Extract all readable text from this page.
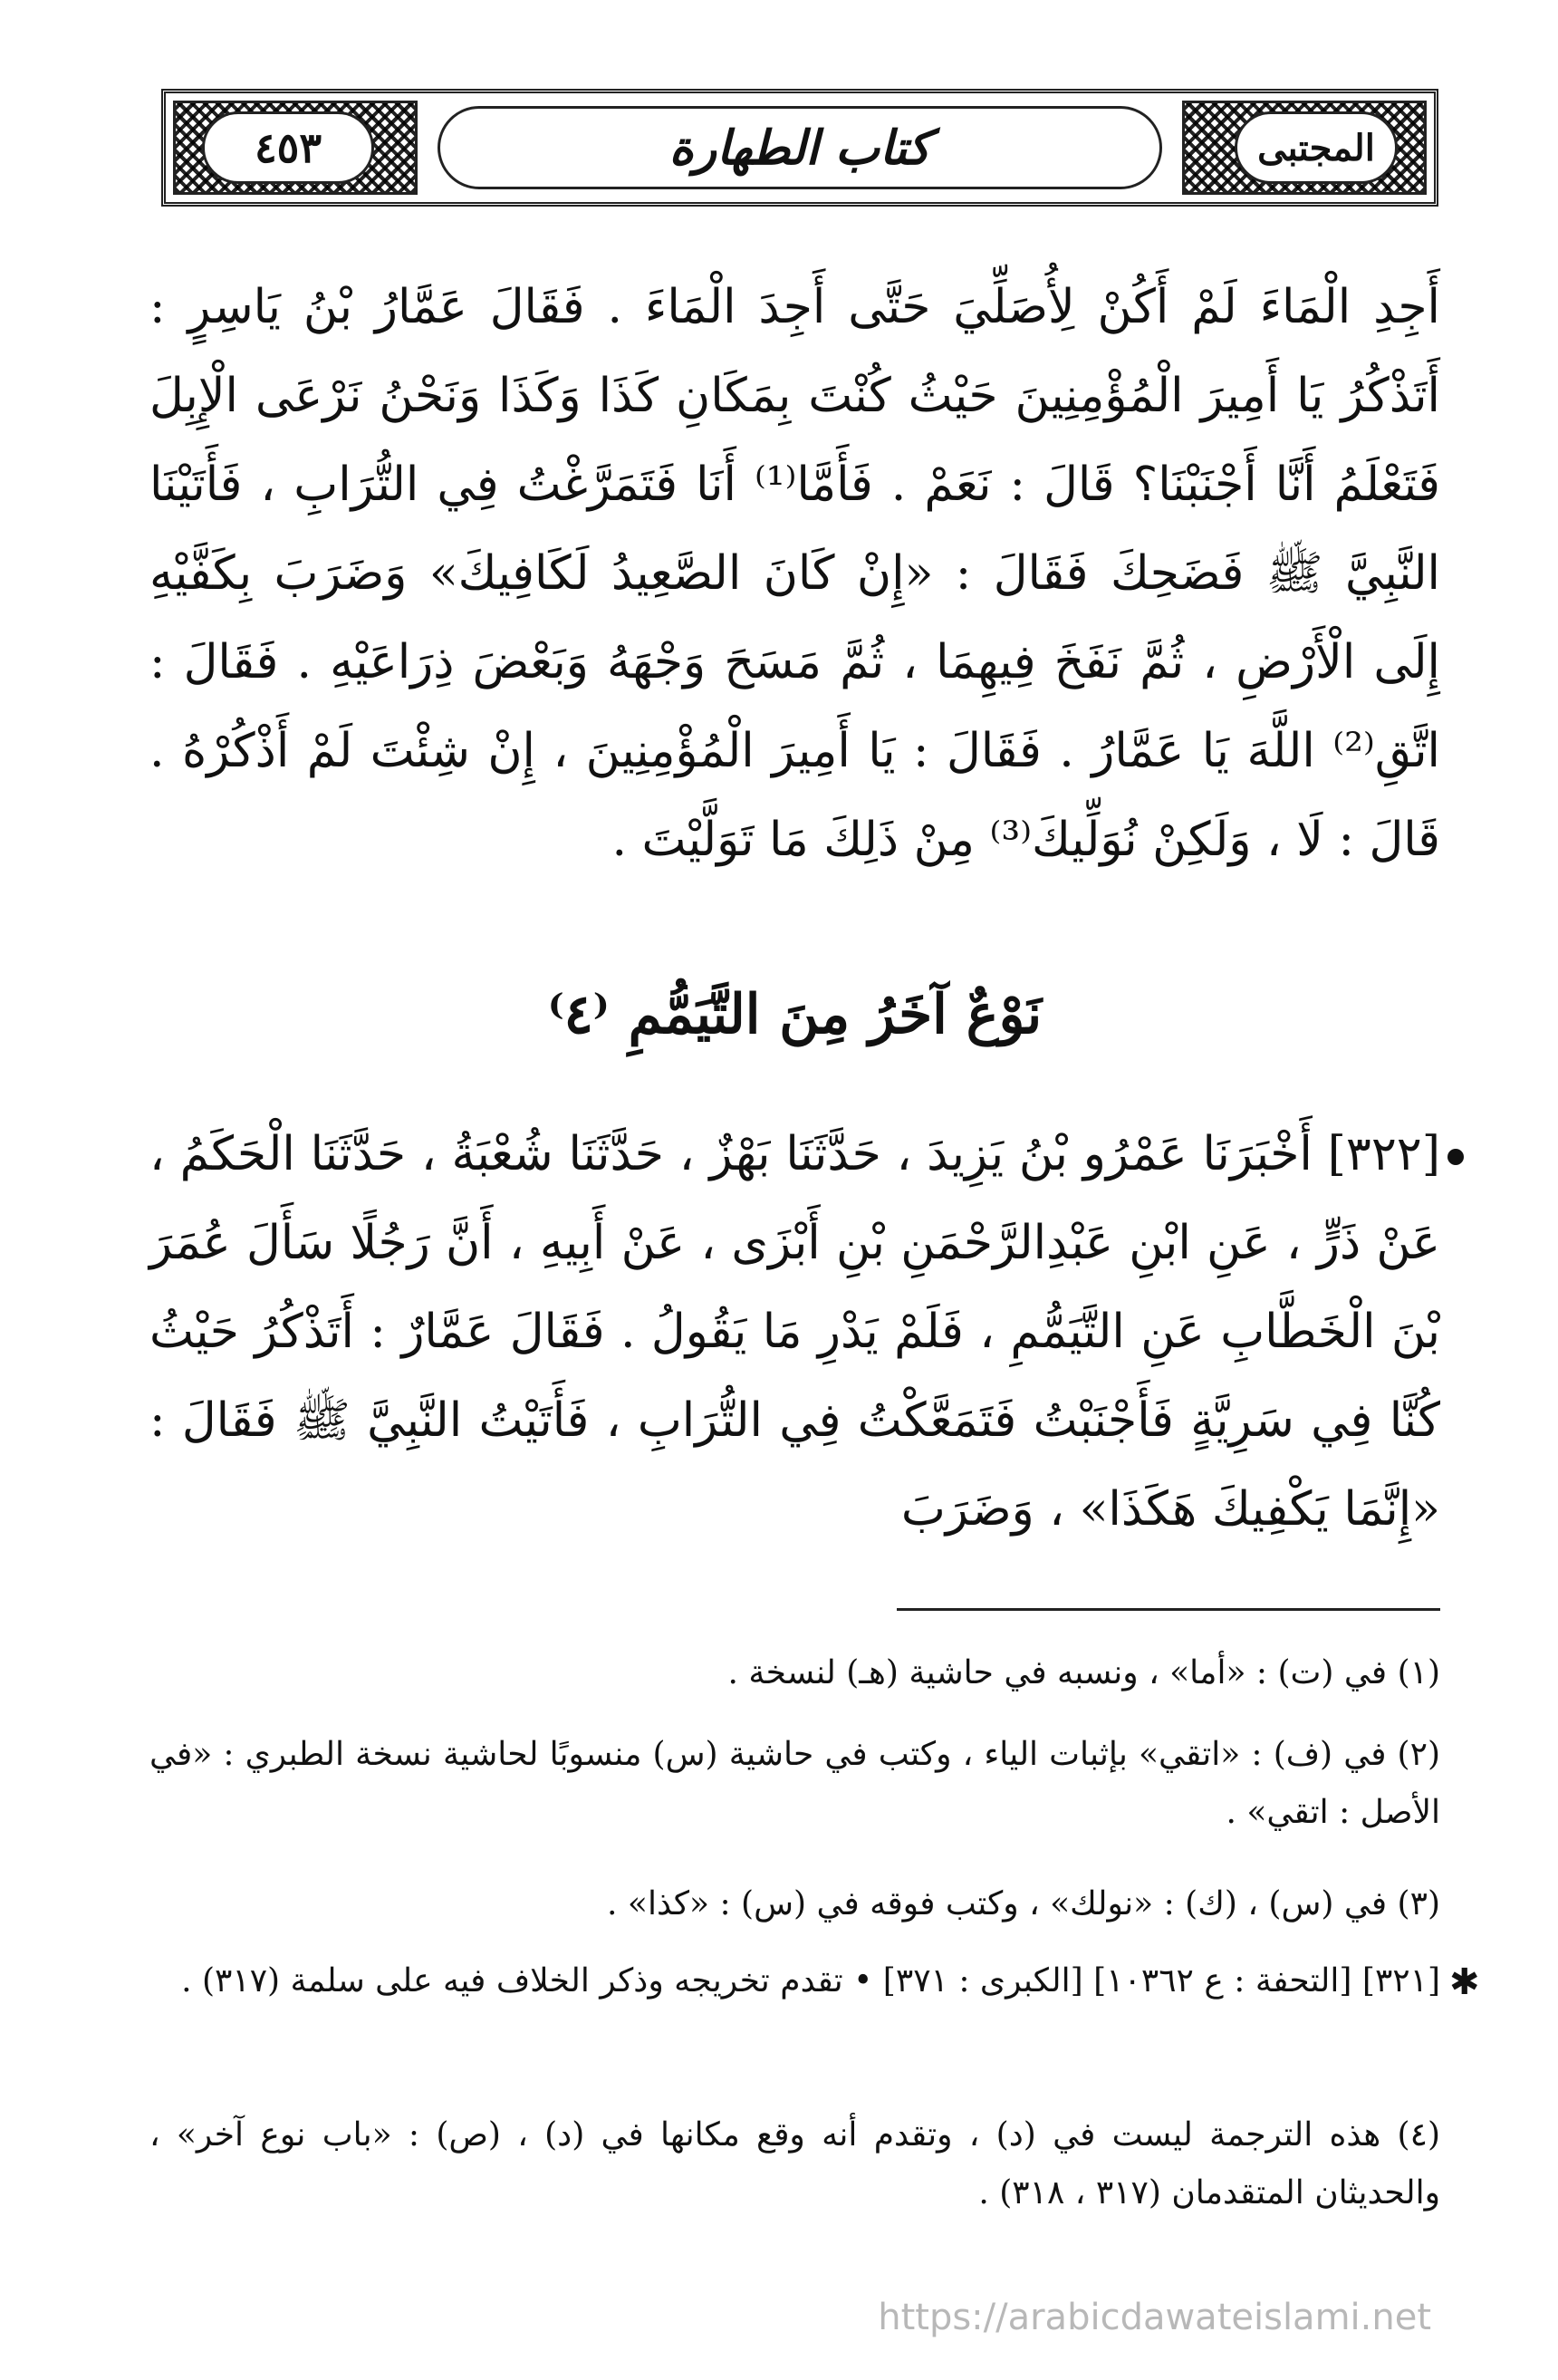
٤٥٣	المجتبى
كتاب الطهارة
أَجِدِ الْمَاءَ لَمْ أَكُنْ لِأُصَلِّيَ حَتَّى أَجِدَ الْمَاءَ . فَقَالَ عَمَّارُ بْنُ يَاسِرٍ : أَتَذْكُرُ يَا أَمِيرَ الْمُؤْمِنِينَ حَيْثُ كُنْتَ بِمَكَانِ كَذَا وَكَذَا وَنَحْنُ نَرْعَى الْإِبِلَ فَتَعْلَمُ أَنَّا أَجْنَبْنَا؟ قَالَ : نَعَمْ . فَأَمَّا⁽¹⁾ أَنَا فَتَمَرَّغْتُ فِي التُّرَابِ ، فَأَتَيْنَا النَّبِيَّ ﷺ فَضَحِكَ فَقَالَ : «إِنْ كَانَ الصَّعِيدُ لَكَافِيكَ» وَضَرَبَ بِكَفَّيْهِ إِلَى الْأَرْضِ ، ثُمَّ نَفَخَ فِيهِمَا ، ثُمَّ مَسَحَ وَجْهَهُ وَبَعْضَ ذِرَاعَيْهِ . فَقَالَ : اتَّقِ⁽²⁾ اللَّهَ يَا عَمَّارُ . فَقَالَ : يَا أَمِيرَ الْمُؤْمِنِينَ ، إِنْ شِئْتَ لَمْ أَذْكُرْهُ . قَالَ : لَا ، وَلَكِنْ نُوَلِّيكَ⁽³⁾ مِنْ ذَلِكَ مَا تَوَلَّيْتَ .
نَوْعٌ آخَرُ مِنَ التَّيَمُّمِ ⁽٤⁾
[٣٢٢] أَخْبَرَنَا عَمْرُو بْنُ يَزِيدَ ، حَدَّثَنَا بَهْزٌ ، حَدَّثَنَا شُعْبَةُ ، حَدَّثَنَا الْحَكَمُ ، عَنْ ذَرٍّ ، عَنِ ابْنِ عَبْدِالرَّحْمَنِ بْنِ أَبْزَى ، عَنْ أَبِيهِ ، أَنَّ رَجُلًا سَأَلَ عُمَرَ بْنَ الْخَطَّابِ عَنِ التَّيَمُّمِ ، فَلَمْ يَدْرِ مَا يَقُولُ . فَقَالَ عَمَّارٌ : أَتَذْكُرُ حَيْثُ كُنَّا فِي سَرِيَّةٍ فَأَجْنَبْتُ فَتَمَعَّكْتُ فِي التُّرَابِ ، فَأَتَيْتُ النَّبِيَّ ﷺ فَقَالَ : «إِنَّمَا يَكْفِيكَ هَكَذَا» ، وَضَرَبَ
(١) في (ت) : «أما» ، ونسبه في حاشية (هـ) لنسخة .
(٢) في (ف) : «اتقي» بإثبات الياء ، وكتب في حاشية (س) منسوبًا لحاشية نسخة الطبري : «في الأصل : اتقي» .
(٣) في (س) ، (ك) : «نولك» ، وكتب فوقه في (س) : «كذا» .
✱
[٣٢١] [التحفة : ع ١٠٣٦٢] [الكبرى : ٣٧١] • تقدم تخريجه وذكر الخلاف فيه على سلمة (٣١٧) .
(٤) هذه الترجمة ليست في (د) ، وتقدم أنه وقع مكانها في (د) ، (ص) : «باب نوع آخر» ، والحديثان المتقدمان (٣١٧ ، ٣١٨) .
https://arabicdawateislami.net
